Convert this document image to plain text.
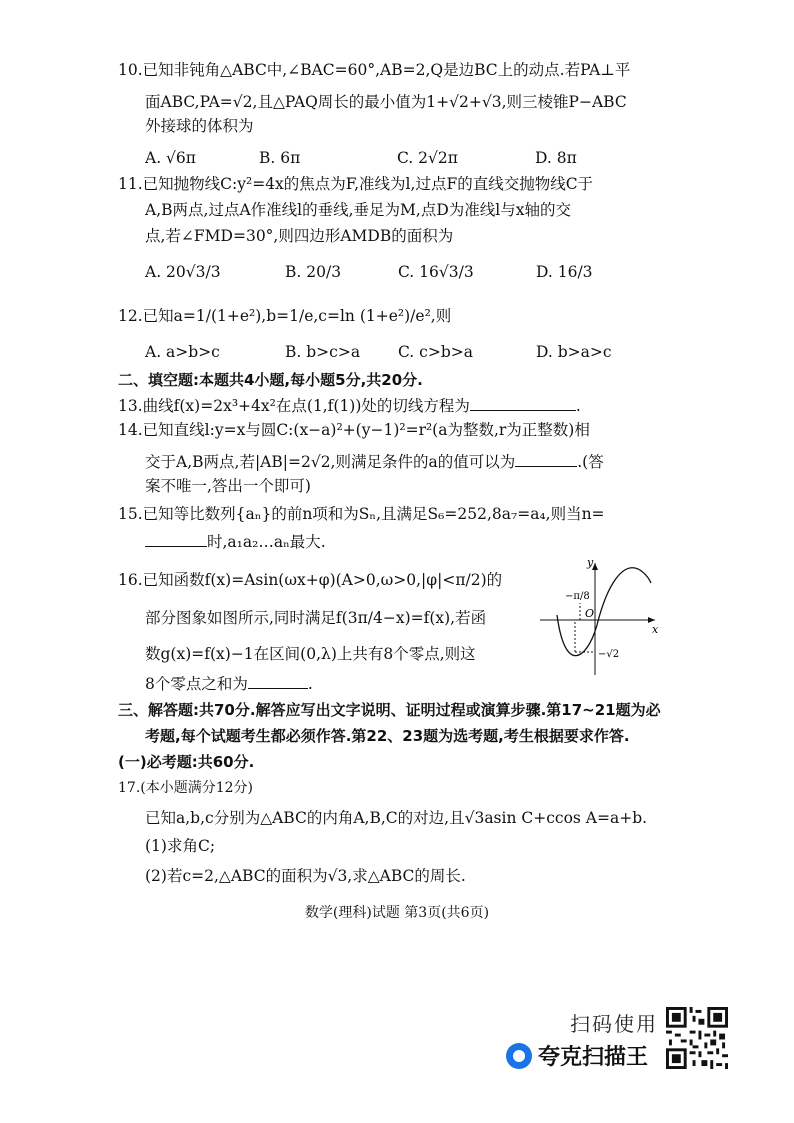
10.已知非钝角△ABC中,∠BAC=60°,AB=2,Q是边BC上的动点.若PA⊥平
面ABC,PA=√2,且△PAQ周长的最小值为1+√2+√3,则三棱锥P−ABC
外接球的体积为
A. √6π	B. 6π	C. 2√2π	D. 8π
11.已知抛物线C:y²=4x的焦点为F,准线为l,过点F的直线交抛物线C于
A,B两点,过点A作准线l的垂线,垂足为M,点D为准线l与x轴的交
点,若∠FMD=30°,则四边形AMDB的面积为
A. 20√3/3	B. 20/3	C. 16√3/3	D. 16/3
12.已知a=1/(1+e²),b=1/e,c=ln (1+e²)/e²,则
A. a>b>c	B. b>c>a C. c>b>a	D. b>a>c
二、填空题:本题共4小题,每小题5分,共20分.
13.曲线f(x)=2x³+4x²在点(1,f(1))处的切线方程为	.
14.已知直线l:y=x与圆C:(x−a)²+(y−1)²=r²(a为整数,r为正整数)相
交于A,B两点,若|AB|=2√2,则满足条件的a的值可以为	.(答
案不唯一,答出一个即可)
15.已知等比数列{aₙ}的前n项和为Sₙ,且满足S₆=252,8a₇=a₄,则当n=
时,a₁a₂…aₙ最大.
16.已知函数f(x)=Asin(ωx+φ)(A>0,ω>0,|φ|<π/2)的
部分图象如图所示,同时满足f(3π/4−x)=f(x),若函
数g(x)=f(x)−1在区间(0,λ)上共有8个零点,则这
8个零点之和为	.
y
x
O
−π/8
−√2
三、解答题:共70分.解答应写出文字说明、证明过程或演算步骤.第17~21题为必
考题,每个试题考生都必须作答.第22、23题为选考题,考生根据要求作答.
(一)必考题:共60分.
17.(本小题满分12分)
已知a,b,c分别为△ABC的内角A,B,C的对边,且√3asin C+ccos A=a+b.
(1)求角C;
(2)若c=2,△ABC的面积为√3,求△ABC的周长.
数学(理科)试题 第3页(共6页)
扫码使用
夸克扫描王
